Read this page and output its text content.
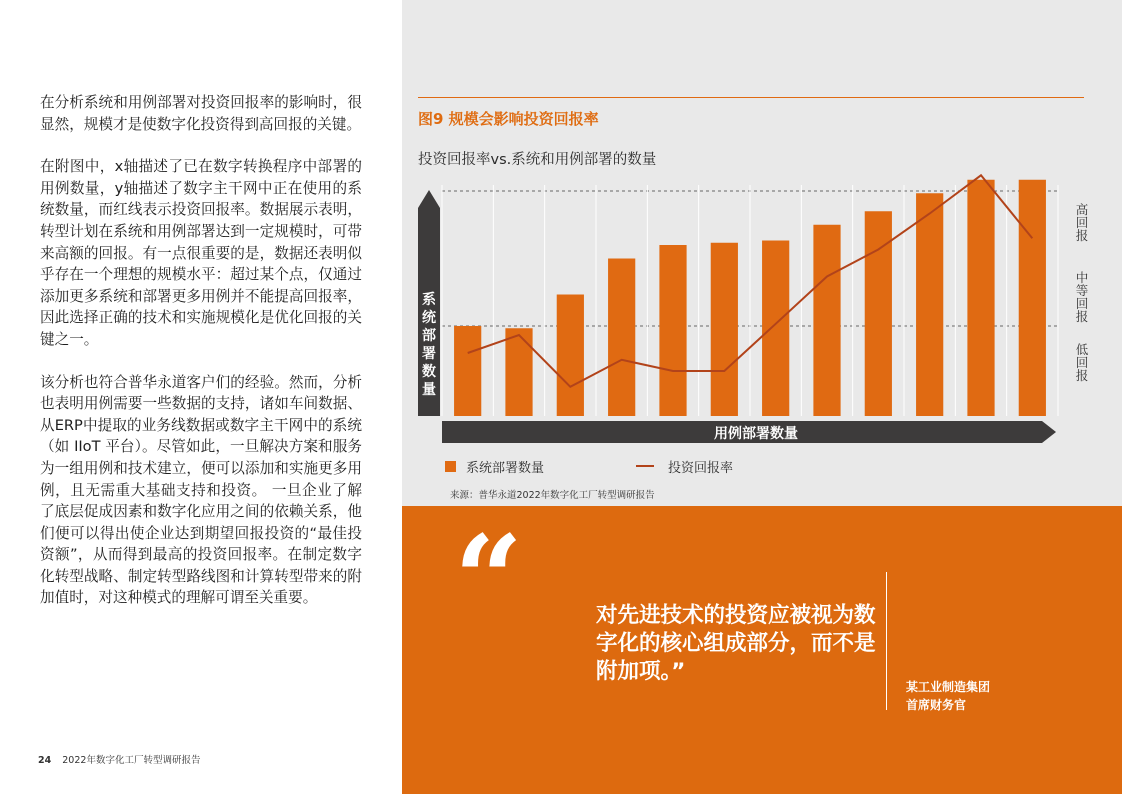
在分析系统和用例部署对投资回报率的影响时，很显然，规模才是使数字化投资得到高回报的关键。

在附图中，x轴描述了已在数字转换程序中部署的用例数量，y轴描述了数字主干网中正在使用的系统数量，而红线表示投资回报率。数据展示表明，转型计划在系统和用例部署达到一定规模时，可带来高额的回报。有一点很重要的是，数据还表明似乎存在一个理想的规模水平：超过某个点，仅通过添加更多系统和部署更多用例并不能提高回报率，因此选择正确的技术和实施规模化是优化回报的关键之一。

该分析也符合普华永道客户们的经验。然而，分析也表明用例需要一些数据的支持，诸如车间数据、从ERP中提取的业务线数据或数字主干网中的系统（如 IIoT 平台）。尽管如此，一旦解决方案和服务为一组用例和技术建立，便可以添加和实施更多用例，且无需重大基础支持和投资。 一旦企业了解了底层促成因素和数字化应用之间的依赖关系，他们便可以得出使企业达到期望回报投资的“最佳投资额”，从而得到最高的投资回报率。在制定数字化转型战略、制定转型路线图和计算转型带来的附加值时，对这种模式的理解可谓至关重要。

24 2022年数字化工厂转型调研报告
图9 规模会影响投资回报率
投资回报率vs.系统和用例部署的数量
系
统
部
署
数
量
用例部署数量
高
回
报
中
等
回
报
低
回
报
系统部署数量	投资回报率
来源：普华永道2022年数字化工厂转型调研报告
“	对先进技术的投资应被视为数字化的核心组成部分，而不是附加项。”
某工业制造集团
首席财务官
